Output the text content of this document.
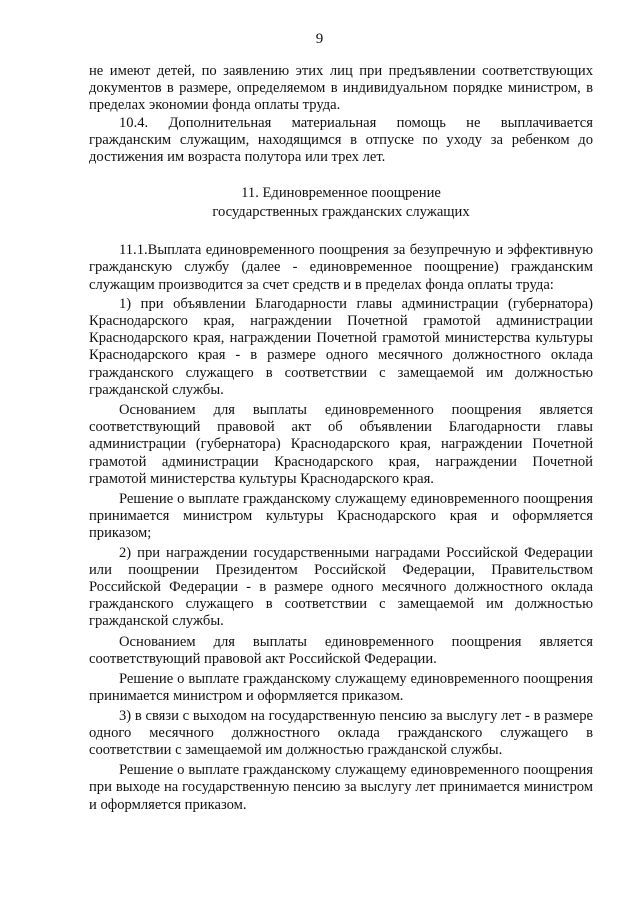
9

не имеют детей, по заявлению этих лиц при предъявлении соответствующих документов в размере, определяемом в индивидуальном порядке министром, в пределах экономии фонда оплаты труда.

10.4. Дополнительная материальная помощь не выплачивается гражданским служащим, находящимся в отпуске по уходу за ребенком до достижения им возраста полутора или трех лет.

11. Единовременное поощрение
государственных гражданских служащих

11.1.Выплата единовременного поощрения за безупречную и эффективную гражданскую службу (далее - единовременное поощрение) гражданским служащим производится за счет средств и в пределах фонда оплаты труда:

1) при объявлении Благодарности главы администрации (губернатора) Краснодарского края, награждении Почетной грамотой администрации Краснодарского края, награждении Почетной грамотой министерства культуры Краснодарского края - в размере одного месячного должностного оклада гражданского служащего в соответствии с замещаемой им должностью гражданской службы.

Основанием для выплаты единовременного поощрения является соответствующий правовой акт об объявлении Благодарности главы администрации (губернатора) Краснодарского края, награждении Почетной грамотой администрации Краснодарского края, награждении Почетной грамотой министерства культуры Краснодарского края.

Решение о выплате гражданскому служащему единовременного поощрения принимается министром культуры Краснодарского края и оформляется приказом;

2) при награждении государственными наградами Российской Федерации или поощрении Президентом Российской Федерации, Правительством Российской Федерации - в размере одного месячного должностного оклада гражданского служащего в соответствии с замещаемой им должностью гражданской службы.

Основанием для выплаты единовременного поощрения является соответствующий правовой акт Российской Федерации.

Решение о выплате гражданскому служащему единовременного поощрения принимается министром и оформляется приказом.

3) в связи с выходом на государственную пенсию за выслугу лет - в размере одного месячного должностного оклада гражданского служащего в соответствии с замещаемой им должностью гражданской службы.

Решение о выплате гражданскому служащему единовременного поощрения при выходе на государственную пенсию за выслугу лет принимается министром и оформляется приказом.
